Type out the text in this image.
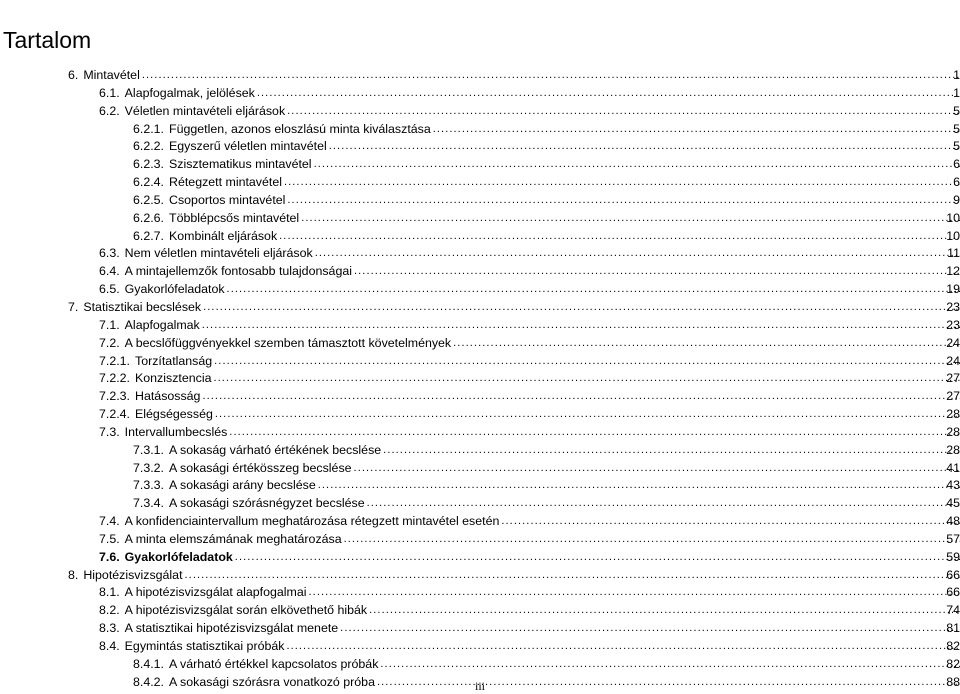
Tartalom
6. Mintavétel .....	1
6.1. Alapfogalmak, jelölések .....	1
6.2. Véletlen mintavételi eljárások .....	5
6.2.1. Független, azonos eloszlású minta kiválasztása .....	5
6.2.2. Egyszerű véletlen mintavétel .....	5
6.2.3. Szisztematikus mintavétel .....	6
6.2.4. Rétegzett mintavétel .....	6
6.2.5. Csoportos mintavétel .....	9
6.2.6. Többlépcsős mintavétel .....	10
6.2.7. Kombinált eljárások .....	10
6.3. Nem véletlen mintavételi eljárások .....	11
6.4. A mintajellemzők fontosabb tulajdonságai .....	12
6.5. Gyakorlófeladatok .....	19
7. Statisztikai becslések .....	23
7.1. Alapfogalmak .....	23
7.2. A becslőfüggvényekkel szemben támasztott követelmények .....	24
7.2.1. Torzítatlanság .....	24
7.2.2. Konzisztencia .....	27
7.2.3. Hatásosság .....	27
7.2.4. Elégségesség .....	28
7.3. Intervallumbecslés .....	28
7.3.1. A sokaság várható értékének becslése .....	28
7.3.2. A sokasági értékösszeg becslése .....	41
7.3.3. A sokasági arány becslése .....	43
7.3.4. A sokasági szórásnégyzet becslése .....	45
7.4. A konfidenciaintervallum meghatározása rétegzett mintavétel esetén .....	48
7.5. A minta elemszámának meghatározása .....	57
7.6. Gyakorlófeladatok .....	59
8. Hipotézisvizsgálat .....	66
8.1. A hipotézisvizsgálat alapfogalmai .....	66
8.2. A hipotézisvizsgálat során elkövethető hibák .....	74
8.3. A statisztikai hipotézisvizsgálat menete .....	81
8.4. Egymintás statisztikai próbák .....	82
8.4.1. A várható értékkel kapcsolatos próbák .....	82
8.4.2. A sokasági szórásra vonatkozó próba .....	88
iii
